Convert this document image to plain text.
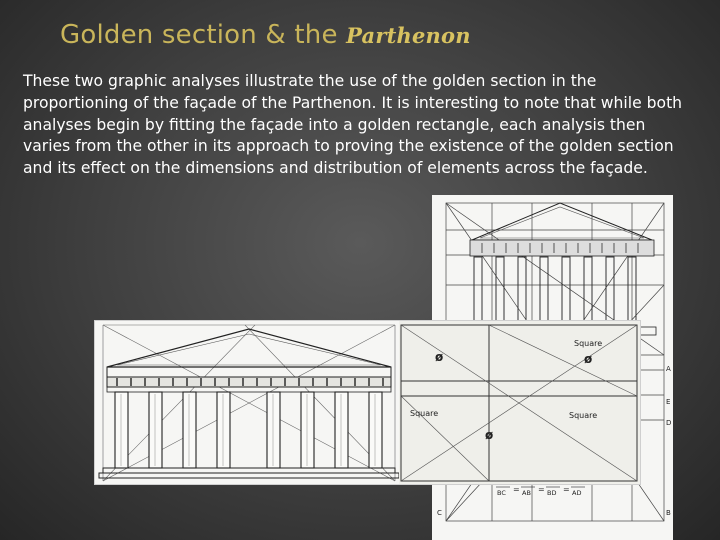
Golden section & the Parthenon

These two graphic analyses illustrate the use of the golden section in the proportioning of the façade of the Parthenon. It is interesting to note that while both analyses begin by fitting the façade into a golden rectangle, each analysis then varies from the other in its approach to proving the existence of the golden section and its effect on the dimensions and distribution of elements across the façade.

A
E
D
C	B
BC = AB = BD = AD
Square
Square	Square
ø	ø
ø
